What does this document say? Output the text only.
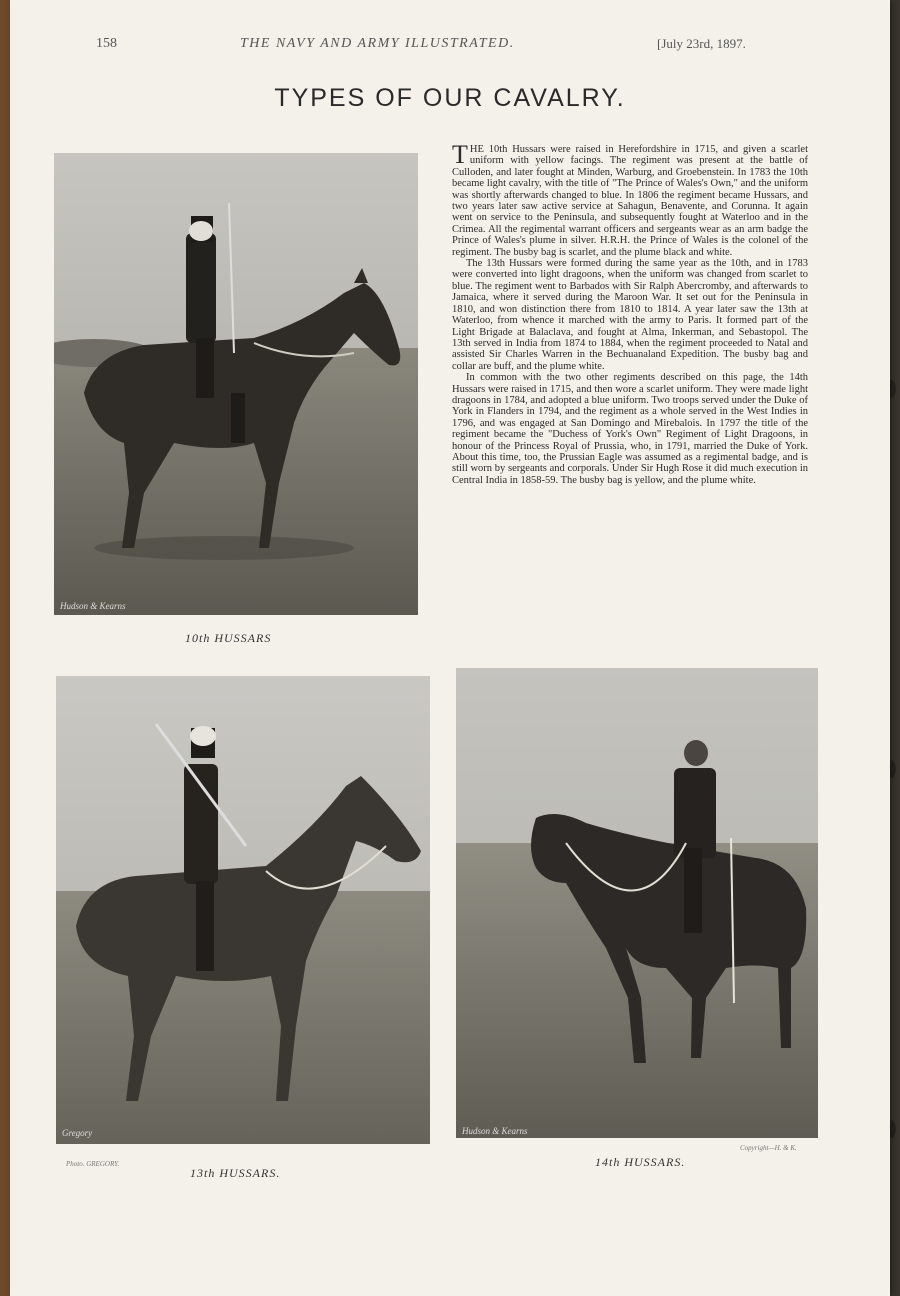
158	THE NAVY AND ARMY ILLUSTRATED.	[July 23rd, 1897.
TYPES OF OUR CAVALRY.
Hudson & Kearns
10th HUSSARS

THE 10th Hussars were raised in Herefordshire in 1715, and given a scarlet uniform with yellow facings. The regiment was present at the battle of Culloden, and later fought at Minden, Warburg, and Groebenstein. In 1783 the 10th became light cavalry, with the title of "The Prince of Wales's Own," and the uniform was shortly afterwards changed to blue. In 1806 the regiment became Hussars, and two years later saw active service at Sahagun, Benavente, and Corunna. It again went on service to the Peninsula, and subsequently fought at Waterloo and in the Crimea. All the regimental warrant officers and sergeants wear as an arm badge the Prince of Wales's plume in silver. H.R.H. the Prince of Wales is the colonel of the regiment. The busby bag is scarlet, and the plume black and white.

The 13th Hussars were formed during the same year as the 10th, and in 1783 were converted into light dragoons, when the uniform was changed from scarlet to blue. The regiment went to Barbados with Sir Ralph Abercromby, and afterwards to Jamaica, where it served during the Maroon War. It set out for the Peninsula in 1810, and won distinction there from 1810 to 1814. A year later saw the 13th at Waterloo, from whence it marched with the army to Paris. It formed part of the Light Brigade at Balaclava, and fought at Alma, Inkerman, and Sebastopol. The 13th served in India from 1874 to 1884, when the regiment proceeded to Natal and assisted Sir Charles Warren in the Bechuanaland Expedition. The busby bag and collar are buff, and the plume white.

In common with the two other regiments described on this page, the 14th Hussars were raised in 1715, and then wore a scarlet uniform. They were made light dragoons in 1784, and adopted a blue uniform. Two troops served under the Duke of York in Flanders in 1794, and the regiment as a whole served in the West Indies in 1796, and was engaged at San Domingo and Mirebalois. In 1797 the title of the regiment became the "Duchess of York's Own" Regiment of Light Dragoons, in honour of the Princess Royal of Prussia, who, in 1791, married the Duke of York. About this time, too, the Prussian Eagle was assumed as a regimental badge, and is still worn by sergeants and corporals. Under Sir Hugh Rose it did much execution in Central India in 1858-59. The busby bag is yellow, and the plume white.

Gregory
Photo. GREGORY.
13th HUSSARS.
Hudson & Kearns
Copyright—H. & K.
14th HUSSARS.
